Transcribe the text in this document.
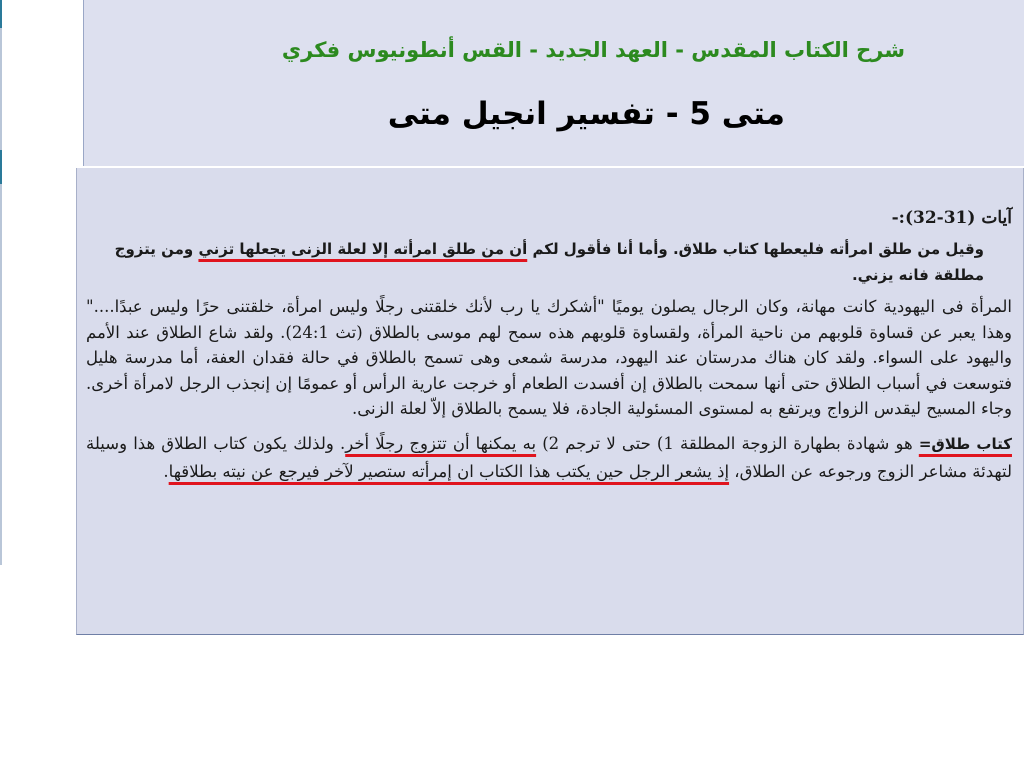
شرح الكتاب المقدس - العهد الجديد - القس أنطونيوس فكري
متى 5 - تفسير انجيل متى

آيات (31-32):-

وقيل من طلق امرأته فليعطها كتاب طلاق. وأما أنا فأقول لكم أن من طلق امرأته إلا لعلة الزنى يجعلها تزني ومن يتزوج مطلقة فانه يزني.

المرأة فى اليهودية كانت مهانة، وكان الرجال يصلون يوميًا "أشكرك يا رب لأنك خلقتنى رجلًا وليس امرأة، خلقتنى حرًا وليس عبدًا...." وهذا يعبر عن قساوة قلوبهم من ناحية المرأة، ولقساوة قلوبهم هذه سمح لهم موسى بالطلاق (تث 24:1). ولقد شاع الطلاق عند الأمم واليهود على السواء. ولقد كان هناك مدرستان عند اليهود، مدرسة شمعى وهى تسمح بالطلاق في حالة فقدان العفة، أما مدرسة هليل فتوسعت في أسباب الطلاق حتى أنها سمحت بالطلاق إن أفسدت الطعام أو خرجت عارية الرأس أو عمومًا إن إنجذب الرجل لامرأة أخرى. وجاء المسيح ليقدس الزواج ويرتفع به لمستوى المسئولية الجادة، فلا يسمح بالطلاق إلاّ لعلة الزنى.

كتاب طلاق= هو شهادة بطهارة الزوجة المطلقة 1) حتى لا ترجم 2) به يمكنها أن تتزوج رجلًا أخر. ولذلك يكون كتاب الطلاق هذا وسيلة لتهدئة مشاعر الزوج ورجوعه عن الطلاق، إذ يشعر الرجل حين يكتب هذا الكتاب ان إمرأته ستصير لآخر فيرجع عن نيته بطلاقها.
